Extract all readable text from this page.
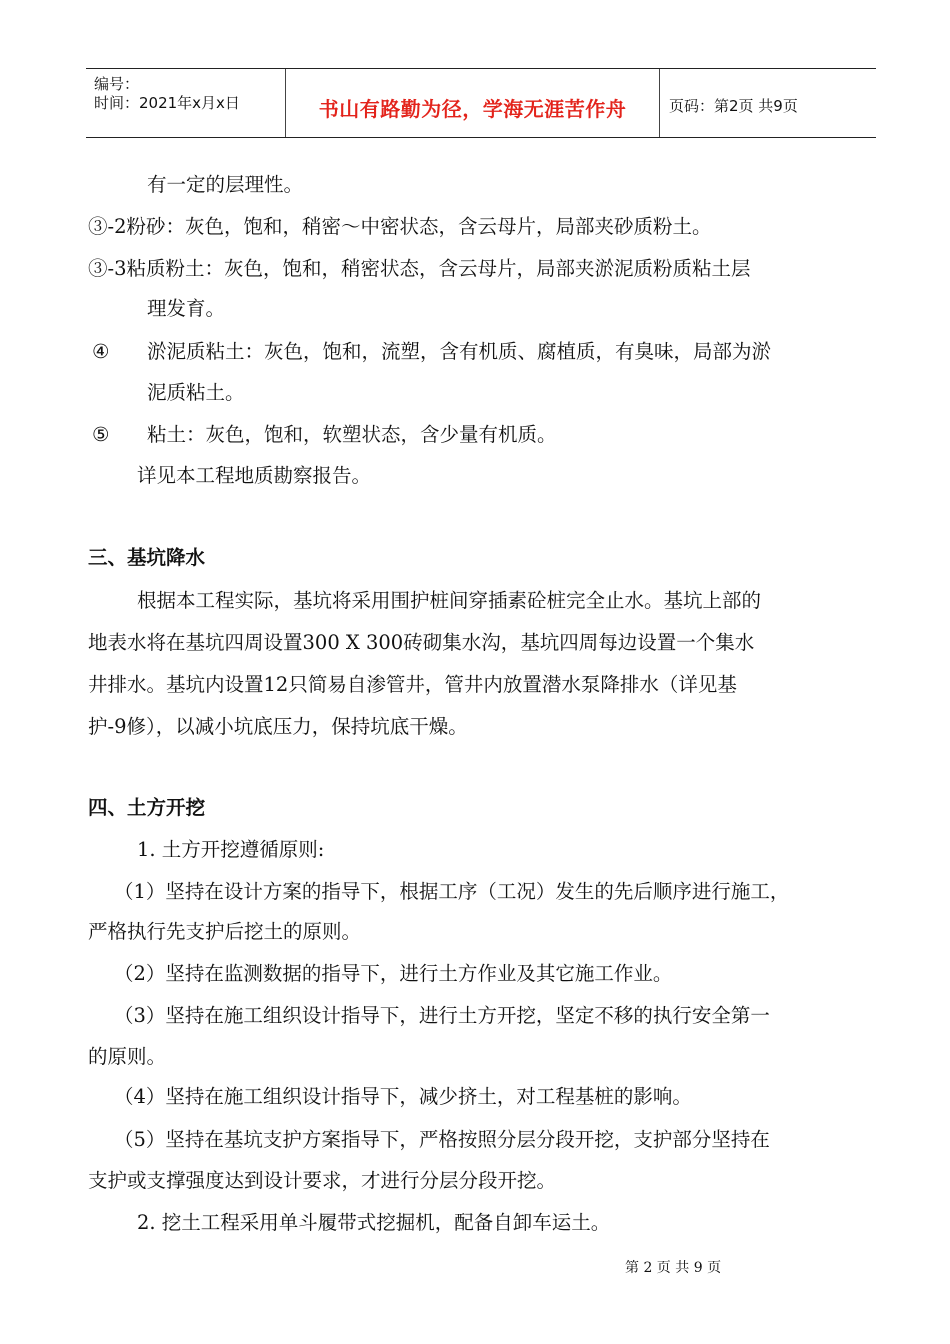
编号：
时间：2021年x月x日	书山有路勤为径，学海无涯苦作舟	页码：第2页 共9页
有一定的层理性。
③-2粉砂：灰色，饱和，稍密～中密状态，含云母片，局部夹砂质粉土。
③-3粘质粉土：灰色，饱和，稍密状态，含云母片，局部夹淤泥质粉质粘土层
理发育。
④ 淤泥质粘土：灰色，饱和，流塑，含有机质、腐植质，有臭味，局部为淤
泥质粘土。
⑤ 粘土：灰色，饱和，软塑状态，含少量有机质。
详见本工程地质勘察报告。
三、基坑降水
根据本工程实际，基坑将采用围护桩间穿插素砼桩完全止水。基坑上部的
地表水将在基坑四周设置300 X 300砖砌集水沟，基坑四周每边设置一个集水
井排水。基坑内设置12只简易自渗管井，管井内放置潜水泵降排水（详见基
护-9修），以减小坑底压力，保持坑底干燥。
四、土方开挖
1. 土方开挖遵循原则:
（1）坚持在设计方案的指导下，根据工序（工况）发生的先后顺序进行施工，
严格执行先支护后挖土的原则。
（2）坚持在监测数据的指导下，进行土方作业及其它施工作业。
（3）坚持在施工组织设计指导下，进行土方开挖，坚定不移的执行安全第一
的原则。
（4）坚持在施工组织设计指导下，减少挤土，对工程基桩的影响。
（5）坚持在基坑支护方案指导下，严格按照分层分段开挖，支护部分坚持在
支护或支撑强度达到设计要求，才进行分层分段开挖。
2. 挖土工程采用单斗履带式挖掘机，配备自卸车运土。
第 2 页 共 9 页
